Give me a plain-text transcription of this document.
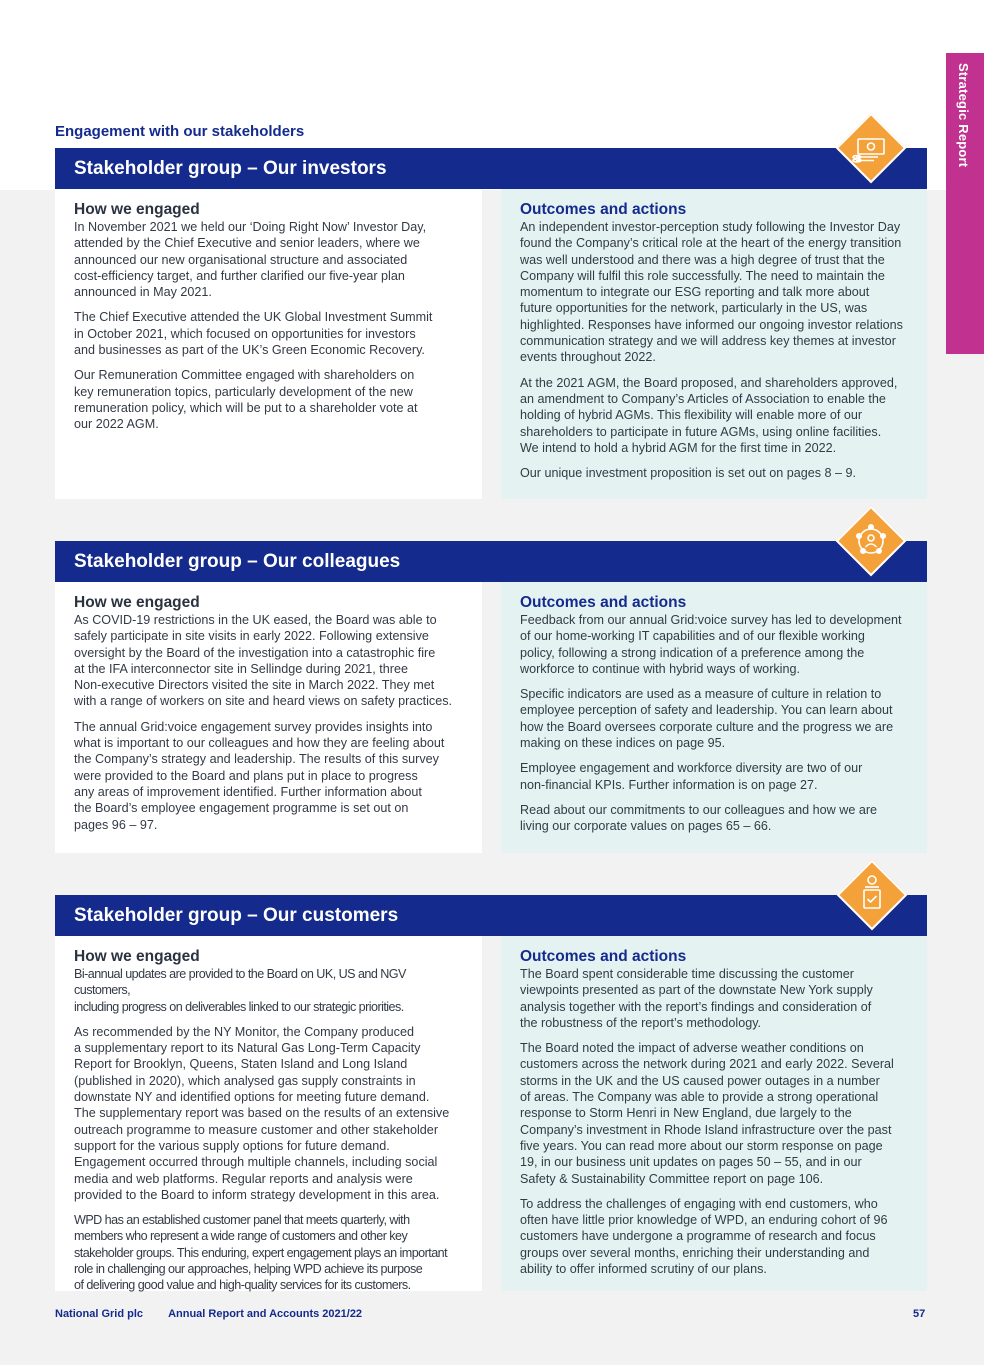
Strategic Report
Engagement with our stakeholders
Stakeholder group – Our investors
How we engaged

In November 2021 we held our ‘Doing Right Now’ Investor Day,
attended by the Chief Executive and senior leaders, where we
announced our new organisational structure and associated
cost-efficiency target, and further clarified our five-year plan
announced in May 2021.

The Chief Executive attended the UK Global Investment Summit
in October 2021, which focused on opportunities for investors
and businesses as part of the UK’s Green Economic Recovery.

Our Remuneration Committee engaged with shareholders on
key remuneration topics, particularly development of the new
remuneration policy, which will be put to a shareholder vote at
our 2022 AGM.

Outcomes and actions

An independent investor-perception study following the Investor Day
found the Company’s critical role at the heart of the energy transition
was well understood and there was a high degree of trust that the
Company will fulfil this role successfully. The need to maintain the
momentum to integrate our ESG reporting and talk more about
future opportunities for the network, particularly in the US, was
highlighted. Responses have informed our ongoing investor relations
communication strategy and we will address key themes at investor
events throughout 2022.

At the 2021 AGM, the Board proposed, and shareholders approved,
an amendment to Company’s Articles of Association to enable the
holding of hybrid AGMs. This flexibility will enable more of our
shareholders to participate in future AGMs, using online facilities.
We intend to hold a hybrid AGM for the first time in 2022.

Our unique investment proposition is set out on pages 8 – 9.

Stakeholder group – Our colleagues
How we engaged

As COVID-19 restrictions in the UK eased, the Board was able to
safely participate in site visits in early 2022. Following extensive
oversight by the Board of the investigation into a catastrophic fire
at the IFA interconnector site in Sellindge during 2021, three
Non-executive Directors visited the site in March 2022. They met
with a range of workers on site and heard views on safety practices.

The annual Grid:voice engagement survey provides insights into
what is important to our colleagues and how they are feeling about
the Company’s strategy and leadership. The results of this survey
were provided to the Board and plans put in place to progress
any areas of improvement identified. Further information about
the Board’s employee engagement programme is set out on
pages 96 – 97.

Outcomes and actions

Feedback from our annual Grid:voice survey has led to development
of our home-working IT capabilities and of our flexible working
policy, following a strong indication of a preference among the
workforce to continue with hybrid ways of working.

Specific indicators are used as a measure of culture in relation to
employee perception of safety and leadership. You can learn about
how the Board oversees corporate culture and the progress we are
making on these indices on page 95.

Employee engagement and workforce diversity are two of our
non-financial KPIs. Further information is on page 27.

Read about our commitments to our colleagues and how we are
living our corporate values on pages 65 – 66.

Stakeholder group – Our customers
How we engaged

Bi-annual updates are provided to the Board on UK, US and NGV customers,
including progress on deliverables linked to our strategic priorities.

As recommended by the NY Monitor, the Company produced
a supplementary report to its Natural Gas Long-Term Capacity
Report for Brooklyn, Queens, Staten Island and Long Island
(published in 2020), which analysed gas supply constraints in
downstate NY and identified options for meeting future demand.
The supplementary report was based on the results of an extensive
outreach programme to measure customer and other stakeholder
support for the various supply options for future demand.
Engagement occurred through multiple channels, including social
media and web platforms. Regular reports and analysis were
provided to the Board to inform strategy development in this area.

WPD has an established customer panel that meets quarterly, with
members who represent a wide range of customers and other key
stakeholder groups. This enduring, expert engagement plays an important
role in challenging our approaches, helping WPD achieve its purpose
of delivering good value and high-quality services for its customers.

Outcomes and actions

The Board spent considerable time discussing the customer
viewpoints presented as part of the downstate New York supply
analysis together with the report’s findings and consideration of
the robustness of the report’s methodology.

The Board noted the impact of adverse weather conditions on
customers across the network during 2021 and early 2022. Several
storms in the UK and the US caused power outages in a number
of areas. The Company was able to provide a strong operational
response to Storm Henri in New England, due largely to the
Company’s investment in Rhode Island infrastructure over the past
five years. You can read more about our storm response on page
19, in our business unit updates on pages 50 – 55, and in our
Safety & Sustainability Committee report on page 106.

To address the challenges of engaging with end customers, who
often have little prior knowledge of WPD, an enduring cohort of 96
customers have undergone a programme of research and focus
groups over several months, enriching their understanding and
ability to offer informed scrutiny of our plans.

National Grid plc Annual Report and Accounts 2021/22	57
